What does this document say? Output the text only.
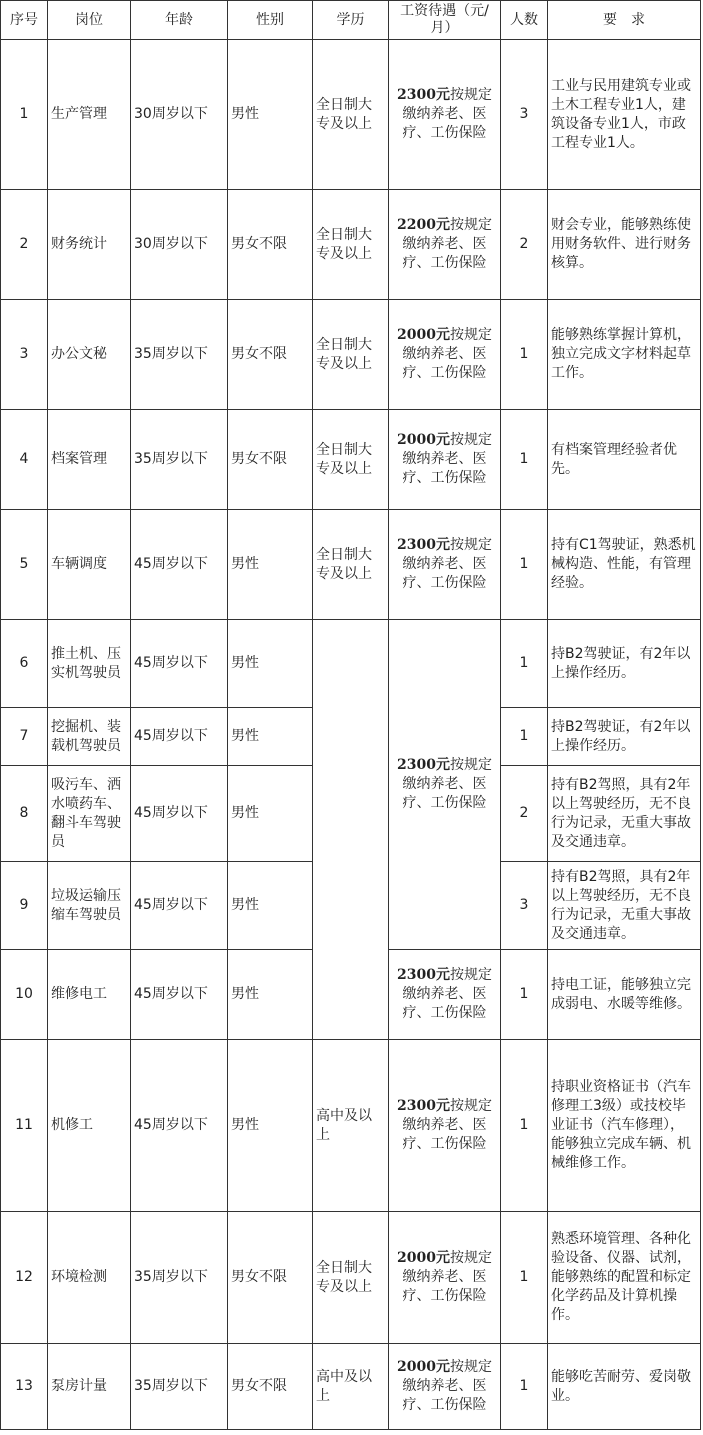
序号	岗位	年龄	性别	学历	工资待遇（元/月）	人数	要　求
1	生产管理	30周岁以下	男性	全日制大专及以上	2300元按规定缴纳养老、医疗、工伤保险	3	工业与民用建筑专业或土木工程专业1人，建筑设备专业1人，市政工程专业1人。
2	财务统计	30周岁以下	男女不限	全日制大专及以上	2200元按规定缴纳养老、医疗、工伤保险	2	财会专业，能够熟练使用财务软件、进行财务核算。
3	办公文秘	35周岁以下	男女不限	全日制大专及以上	2000元按规定缴纳养老、医疗、工伤保险	1	能够熟练掌握计算机，独立完成文字材料起草工作。
4	档案管理	35周岁以下	男女不限	全日制大专及以上	2000元按规定缴纳养老、医疗、工伤保险	1	有档案管理经验者优先。
5	车辆调度	45周岁以下	男性	全日制大专及以上	2300元按规定缴纳养老、医疗、工伤保险	1	持有C1驾驶证，熟悉机械构造、性能，有管理经验。
6	推土机、压实机驾驶员	45周岁以下	男性		2300元按规定缴纳养老、医疗、工伤保险	1	持B2驾驶证，有2年以上操作经历。
7	挖掘机、装载机驾驶员	45周岁以下	男性			1	持B2驾驶证，有2年以上操作经历。
8	吸污车、洒水喷药车、翻斗车驾驶员	45周岁以下	男性			2	持有B2驾照，具有2年以上驾驶经历，无不良行为记录，无重大事故及交通违章。
9	垃圾运输压缩车驾驶员	45周岁以下	男性			3	持有B2驾照，具有2年以上驾驶经历，无不良行为记录，无重大事故及交通违章。
10	维修电工	45周岁以下	男性		2300元按规定缴纳养老、医疗、工伤保险	1	持电工证，能够独立完成弱电、水暖等维修。
11	机修工	45周岁以下	男性	高中及以上	2300元按规定缴纳养老、医疗、工伤保险	1	持职业资格证书（汽车修理工3级）或技校毕业证书（汽车修理），能够独立完成车辆、机械维修工作。
12	环境检测	35周岁以下	男女不限	全日制大专及以上	2000元按规定缴纳养老、医疗、工伤保险	1	熟悉环境管理、各种化验设备、仪器、试剂，能够熟练的配置和标定化学药品及计算机操作。
13	泵房计量	35周岁以下	男女不限	高中及以上	2000元按规定缴纳养老、医疗、工伤保险	1	能够吃苦耐劳、爱岗敬业。
